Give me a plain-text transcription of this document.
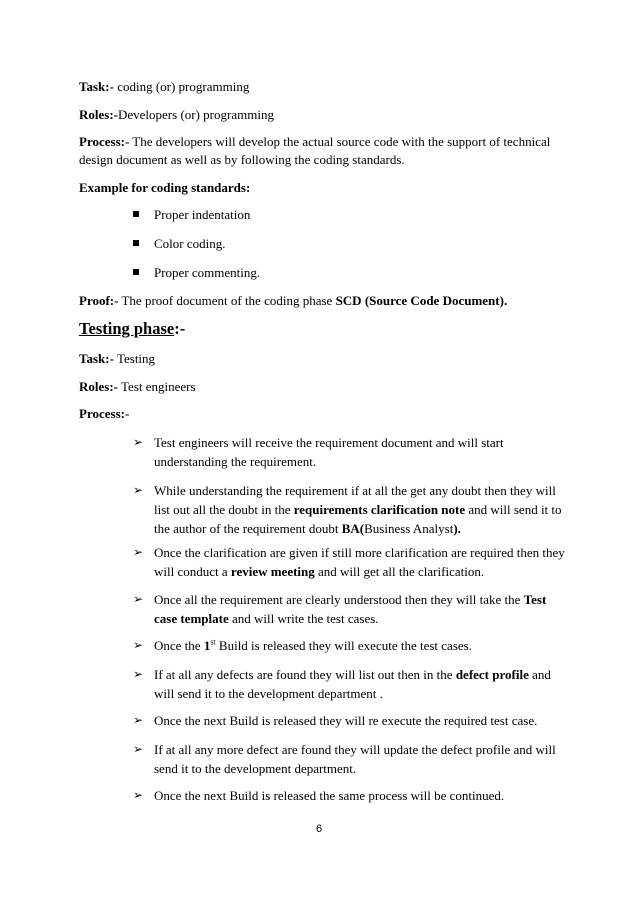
Task:- coding (or) programming
Roles:-Developers (or) programming
Process:- The developers will develop the actual source code with the support of technical
design document as well as by following the coding standards.
Example for coding standards:
Proper indentation
Color coding.
Proper commenting.
Proof:- The proof document of the coding phase SCD (Source Code Document).
Testing phase:-
Task:- Testing
Roles:- Test engineers
Process:-
➢ Test engineers will receive the requirement document and will start
understanding the requirement.
➢ While understanding the requirement if at all the get any doubt then they will
list out all the doubt in the requirements clarification note and will send it to
the author of the requirement doubt BA(Business Analyst).
➢ Once the clarification are given if still more clarification are required then they
will conduct a review meeting and will get all the clarification.
➢ Once all the requirement are clearly understood then they will take the Test
case template and will write the test cases.
➢ Once the 1st Build is released they will execute the test cases.
➢ If at all any defects are found they will list out then in the defect profile and
will send it to the development department .
➢ Once the next Build is released they will re execute the required test case.
➢ If at all any more defect are found they will update the defect profile and will
send it to the development department.
➢ Once the next Build is released the same process will be continued.
6
